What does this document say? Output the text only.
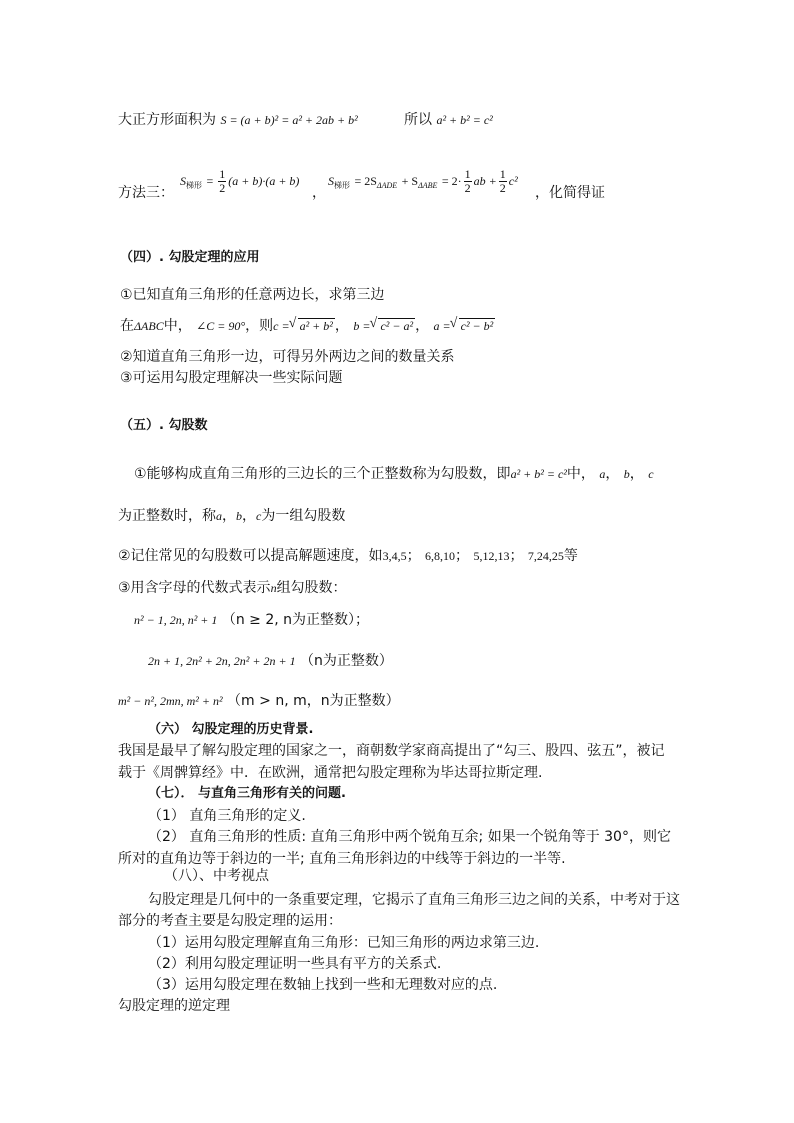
大正方形面积为 S = (a + b)² = a² + 2ab + b²	所以 a² + b² = c²
方法三：
$S_{梯形} = \frac{1}{2} (a + b)\cdot(a + b)$
，
$S_{梯形} = 2S_{\Delta ADE} + S_{\Delta ABE} = 2\cdot \frac{1}{2}$ ab + $\frac{1}{2} c^2$
，化简得证
（四）. 勾股定理的应用
①已知直角三角形的任意两边长，求第三边
在ΔABC中， ∠C = 90°，则c = √ a² + b² ， b = √ c² − a² ， a = √ c² − b²
②知道直角三角形一边，可得另外两边之间的数量关系
③可运用勾股定理解决一些实际问题
（五）. 勾股数
①能够构成直角三角形的三边长的三个正整数称为勾股数，即a² + b² = c²中， a， b， c
为正整数时，称a，b，c为一组勾股数
②记住常见的勾股数可以提高解题速度，如3,4,5； 6,8,10； 5,12,13； 7,24,25等
③用含字母的代数式表示n组勾股数：
n² − 1, 2n, n² + 1 （n ≥ 2, n为正整数）；
2n + 1, 2n² + 2n, 2n² + 2n + 1 （n为正整数）
m² − n², 2mn, m² + n² （m > n, m，n为正整数）
（六） 勾股定理的历史背景.
我国是最早了解勾股定理的国家之一，商朝数学家商高提出了“勾三、股四、弦五”，被记
载于《周髀算经》中．在欧洲，通常把勾股定理称为毕达哥拉斯定理.
（七）． 与直角三角形有关的问题.
（1） 直角三角形的定义.
（2） 直角三角形的性质: 直角三角形中两个锐角互余; 如果一个锐角等于 30°，则它
所对的直角边等于斜边的一半; 直角三角形斜边的中线等于斜边的一半等.
（八）、中考视点
勾股定理是几何中的一条重要定理，它揭示了直角三角形三边之间的关系，中考对于这
部分的考查主要是勾股定理的运用：
（1）运用勾股定理解直角三角形：已知三角形的两边求第三边.
（2）利用勾股定理证明一些具有平方的关系式.
（3）运用勾股定理在数轴上找到一些和无理数对应的点.
勾股定理的逆定理
